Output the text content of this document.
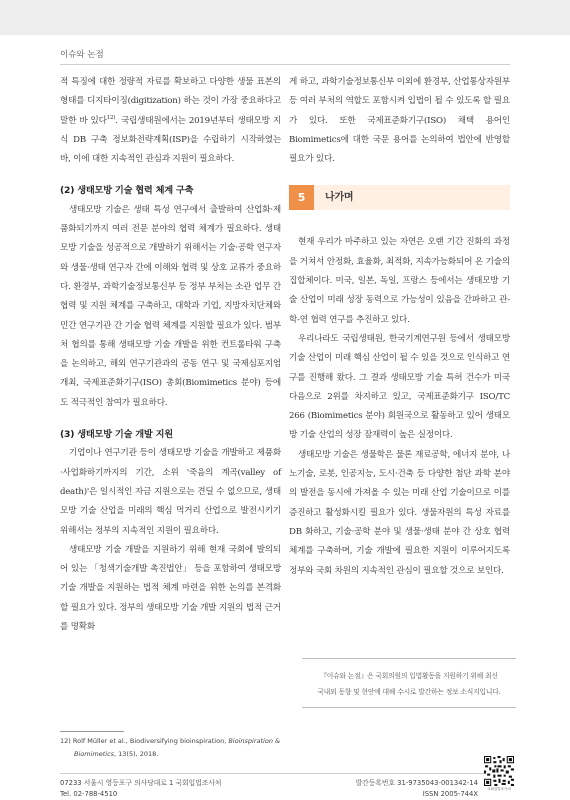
이슈와 논점

적 특징에 대한 정량적 자료를 확보하고 다양한 생물 표본의 형태를 디지타이징(digitization) 하는 것이 가장 중요하다고 말한 바 있다$^{12)}$. 국립생태원에서는 2019년부터 생태모방 지식 DB 구축 정보화전략계획(ISP)을 수립하기 시작하였는 바, 이에 대한 지속적인 관심과 지원이 필요하다.

(2) 생태모방 기술 협력 체계 구축

생태모방 기술은 생태 특성 연구에서 출발하여 산업화·제품화되기까지 여러 전문 분야의 협력 체계가 필요하다. 생태모방 기술을 성공적으로 개발하기 위해서는 기술·공학 연구자와 생물·생태 연구자 간에 이해와 협력 및 상호 교류가 중요하다. 환경부, 과학기술정보통신부 등 정부 부처는 소관 업무 간 협력 및 지원 체계를 구축하고, 대학과 기업, 지방자치단체와 민간 연구기관 간 기술 협력 체계를 지원할 필요가 있다. 범부처 협의를 통해 생태모방 기술 개발을 위한 컨트롤타워 구축을 논의하고, 해외 연구기관과의 공동 연구 및 국제심포지엄 개최, 국제표준화기구(ISO) 총회(Biomimetics 분야) 등에도 적극적인 참여가 필요하다.

(3) 생태모방 기술 개발 지원

기업이나 연구기관 등이 생태모방 기술을 개발하고 제품화·사업화하기까지의 기간, 소위 '죽음의 계곡(valley of death)'은 일시적인 자금 지원으로는 견딜 수 없으므로, 생태모방 기술 산업을 미래의 핵심 먹거리 산업으로 발전시키기 위해서는 정부의 지속적인 지원이 필요하다.

생태모방 기술 개발을 지원하기 위해 현재 국회에 발의되어 있는 「청색기술개발 촉진법안」 등을 포함하여 생태모방 기술 개발을 지원하는 법적 체계 마련을 위한 논의를 본격화할 필요가 있다. 정부의 생태모방 기술 개발 지원의 법적 근거를 명확화

게 하고, 과학기술정보통신부 이외에 환경부, 산업통상자원부 등 여러 부처의 역할도 포함시켜 입법이 될 수 있도록 할 필요가 있다. 또한 국제표준화기구(ISO) 채택 용어인 Biomimetics에 대한 국문 용어를 논의하여 법안에 반영할 필요가 있다.

5	나가며

현재 우리가 마주하고 있는 자연은 오랜 기간 진화의 과정을 거쳐서 안정화, 효율화, 최적화, 지속가능화되어 온 기술의 집합체이다. 미국, 일본, 독일, 프랑스 등에서는 생태모방 기술 산업이 미래 성장 동력으로 가능성이 있음을 간파하고 관-학-연 협력 연구를 추진하고 있다.

우리나라도 국립생태원, 한국기계연구원 등에서 생태모방 기술 산업이 미래 핵심 산업이 될 수 있을 것으로 인식하고 연구를 진행해 왔다. 그 결과 생태모방 기술 특허 건수가 미국 다음으로 2위를 차지하고 있고, 국제표준화기구 ISO/TC 266 (Biomimetics 분야) 회원국으로 활동하고 있어 생태모방 기술 산업의 성장 잠재력이 높은 실정이다.

생태모방 기술은 생물학은 물론 재료공학, 에너지 분야, 나노기술, 로봇, 인공지능, 도시·건축 등 다양한 첨단 과학 분야의 발전을 동시에 가져올 수 있는 미래 산업 기술이므로 이를 증진하고 활성화시킬 필요가 있다. 생물자원의 특성 자료를 DB 화하고, 기술·공학 분야 및 생물·생태 분야 간 상호 협력 체계를 구축하며, 기술 개발에 필요한 지원이 이루어지도록 정부와 국회 차원의 지속적인 관심이 필요할 것으로 보인다.

『이슈와 논점』은 국회의원의 입법활동을 지원하기 위해 최신
국내외 동향 및 현안에 대해 수시로 발간하는 정보 소식지입니다.
12) Rolf Müller et al., Biodiversifying bioinspiration, Bioinspiration & Biomimetics, 13(5), 2018.
07233 서울시 영등포구 의사당대로 1 국회입법조사처
Tel. 02-788-4510
발간등록번호 31-9735043-001342-14
ISSN 2005-744X
국회입법조사처
